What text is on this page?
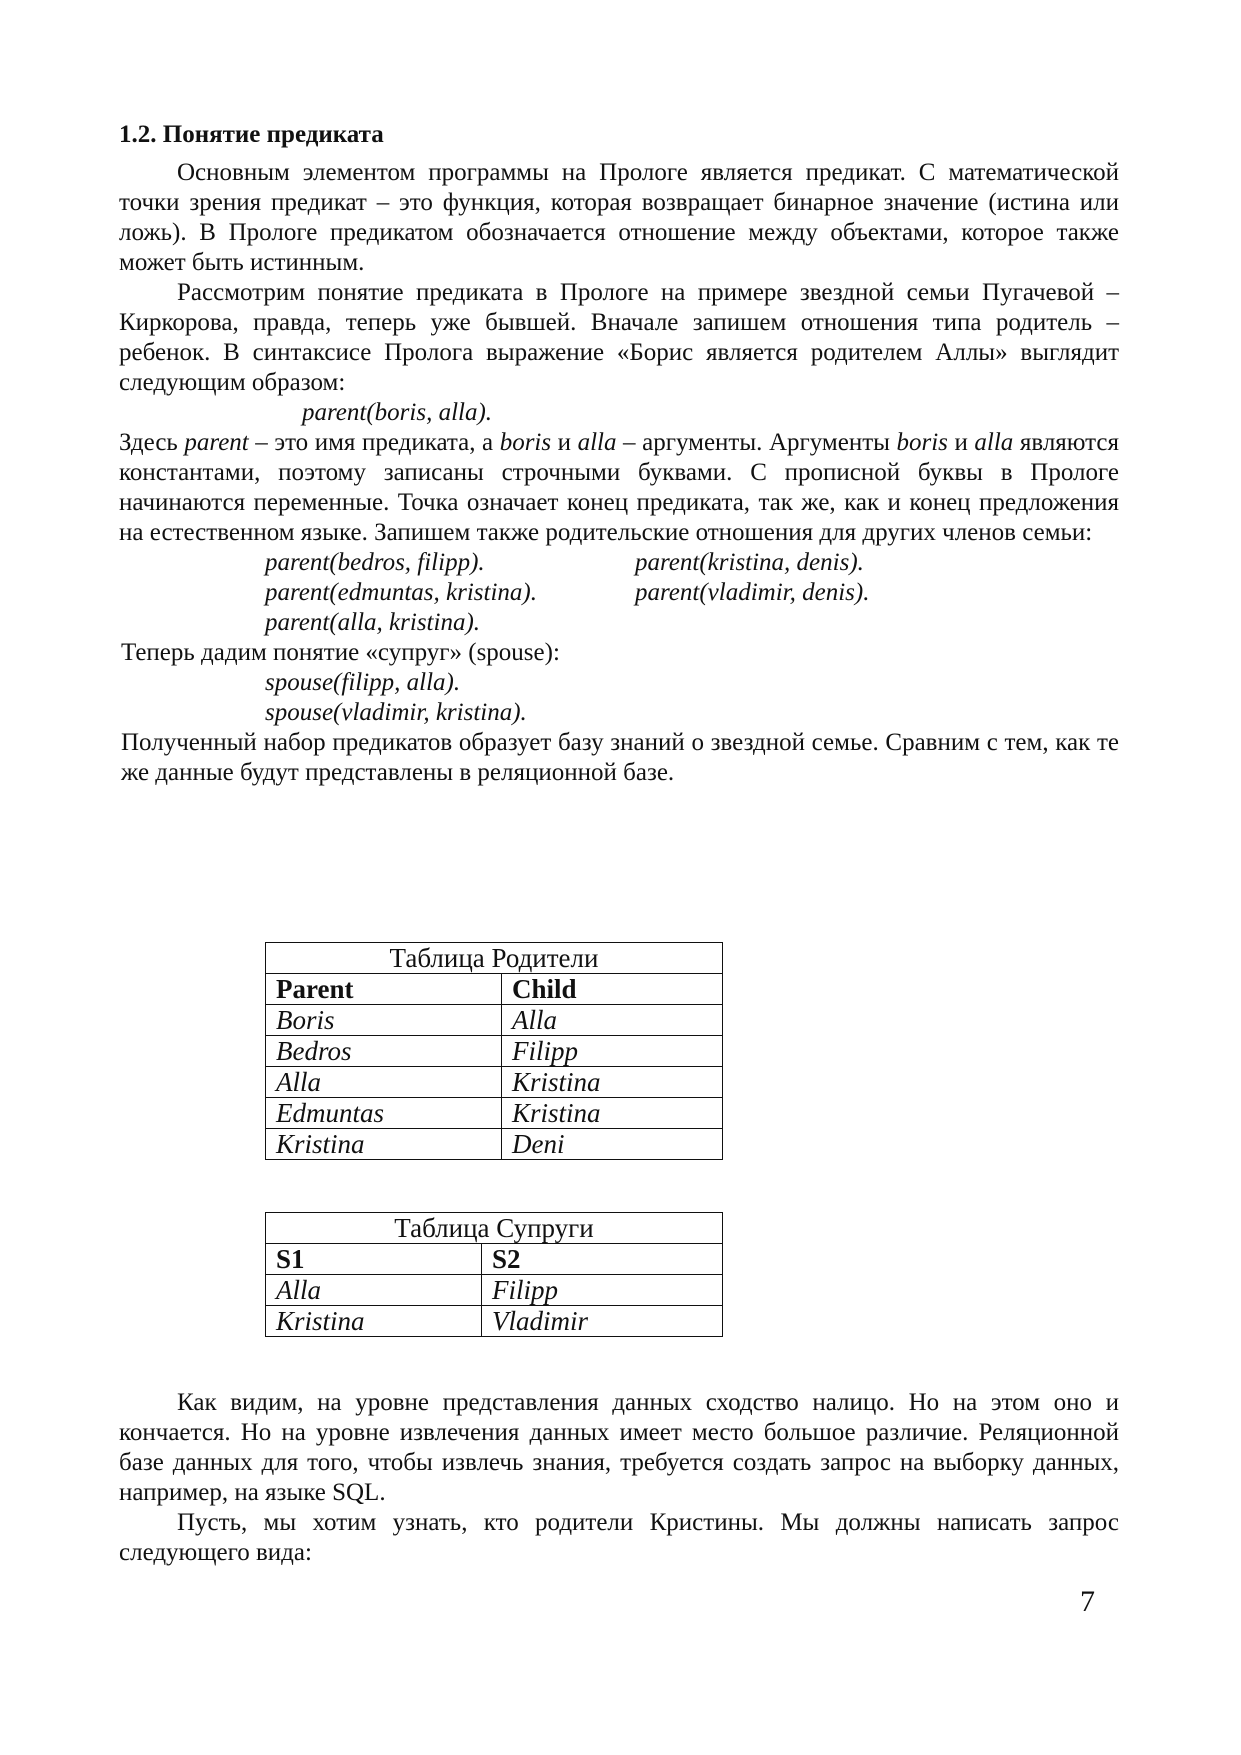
1.2. Понятие предиката

Основным элементом программы на Прологе является предикат. С математической точки зрения предикат – это функция, которая возвращает бинарное значение (истина или ложь). В Прологе предикатом обозначается отношение между объектами, которое также может быть истинным.

Рассмотрим понятие предиката в Прологе на примере звездной семьи Пугачевой – Киркорова, правда, теперь уже бывшей. Вначале запишем отношения типа родитель – ребенок. В синтаксисе Пролога выражение «Борис является родителем Аллы» выглядит следующим образом:

parent(boris, alla).

Здесь parent – это имя предиката, а boris и alla – аргументы. Аргументы boris и alla являются константами, поэтому записаны строчными буквами. С прописной буквы в Прологе начинаются переменные. Точка означает конец предиката, так же, как и конец предложения на естественном языке. Запишем также родительские отношения для других членов семьи:

parent(bedros, filipp).	parent(kristina, denis).
parent(edmuntas, kristina).	parent(vladimir, denis).
parent(alla, kristina).

Теперь дадим понятие «супруг» (spouse):

spouse(filipp, alla).

spouse(vladimir, kristina).

Полученный набор предикатов образует базу знаний о звездной семье. Сравним с тем, как те же данные будут представлены в реляционной базе.

Таблица Родители	
Parent	Child
Boris	Alla
Bedros	Filipp
Alla	Kristina
Edmuntas	Kristina
Kristina	Deni
Таблица Супруги	
S1	S2
Alla	Filipp
Kristina	Vladimir

Как видим, на уровне представления данных сходство налицо. Но на этом оно и кончается. Но на уровне извлечения данных имеет место большое различие. Реляционной базе данных для того, чтобы извлечь знания, требуется создать запрос на выборку данных, например, на языке SQL.

Пусть, мы хотим узнать, кто родители Кристины. Мы должны написать запрос следующего вида:

7
